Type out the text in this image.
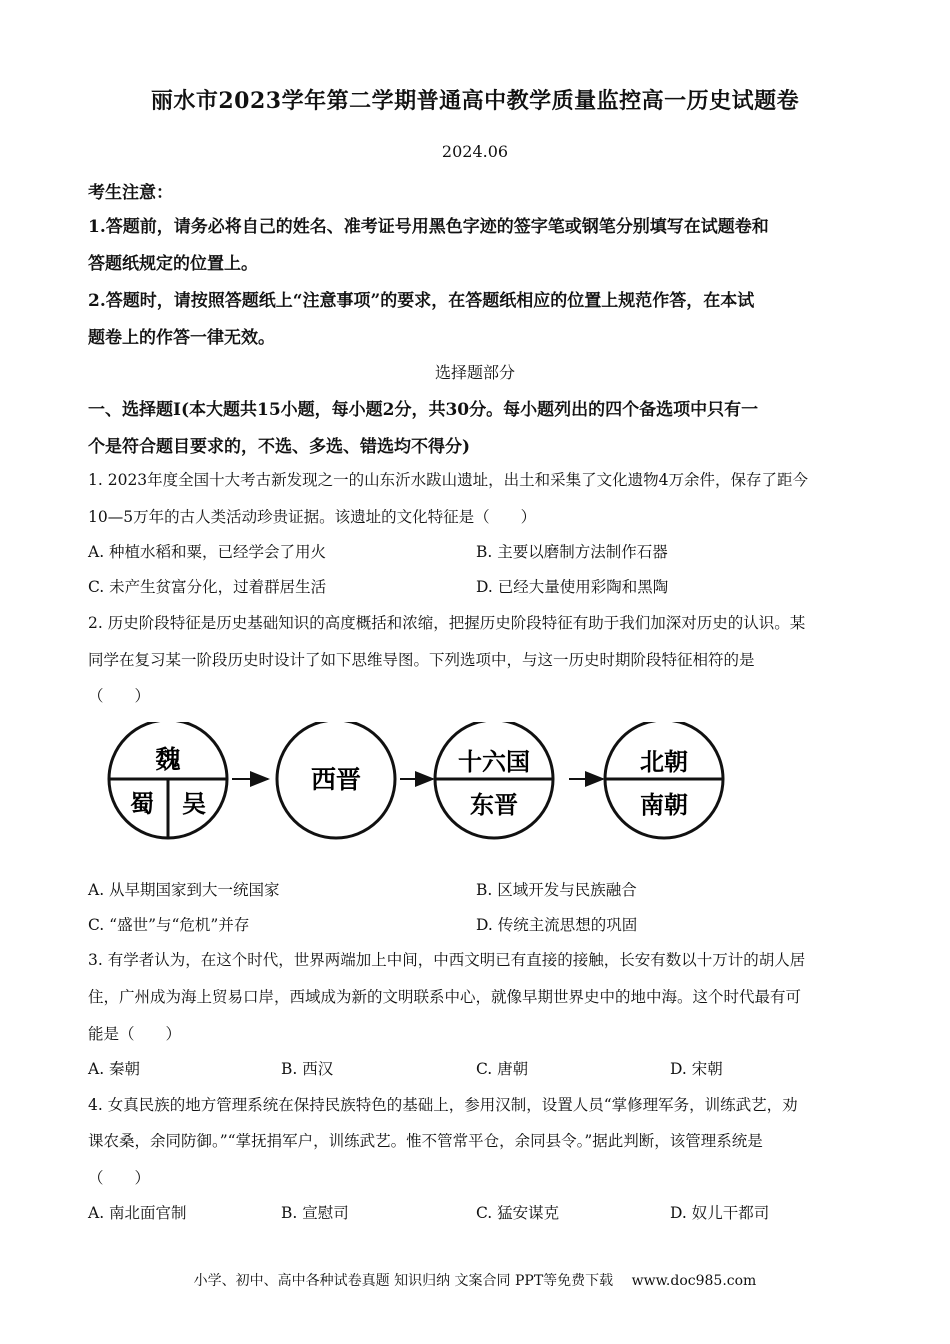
丽水市2023学年第二学期普通高中教学质量监控高一历史试题卷
2024.06
考生注意：
1.答题前，请务必将自己的姓名、准考证号用黑色字迹的签字笔或钢笔分别填写在试题卷和
答题纸规定的位置上。
2.答题时，请按照答题纸上“注意事项”的要求，在答题纸相应的位置上规范作答，在本试
题卷上的作答一律无效。
选择题部分
一、选择题Ⅰ(本大题共15小题，每小题2分，共30分。每小题列出的四个备选项中只有一
个是符合题目要求的，不选、多选、错选均不得分)
1. 2023年度全国十大考古新发现之一的山东沂水跋山遗址，出土和采集了文化遗物4万余件，保存了距今
10—5万年的古人类活动珍贵证据。该遗址的文化特征是（　　）
A. 种植水稻和粟，已经学会了用火	B. 主要以磨制方法制作石器
C. 未产生贫富分化，过着群居生活	D. 已经大量使用彩陶和黑陶
2. 历史阶段特征是历史基础知识的高度概括和浓缩，把握历史阶段特征有助于我们加深对历史的认识。某
同学在复习某一阶段历史时设计了如下思维导图。下列选项中，与这一历史时期阶段特征相符的是
（　　）
魏
蜀 吴
西晋
十六国
东晋
北朝
南朝
A. 从早期国家到大一统国家	B. 区域开发与民族融合
C. “盛世”与“危机”并存	D. 传统主流思想的巩固
3. 有学者认为，在这个时代，世界两端加上中间，中西文明已有直接的接触，长安有数以十万计的胡人居
住，广州成为海上贸易口岸，西域成为新的文明联系中心，就像早期世界史中的地中海。这个时代最有可
能是（　　）
A. 秦朝	B. 西汉	C. 唐朝	D. 宋朝
4. 女真民族的地方管理系统在保持民族特色的基础上，参用汉制，设置人员“掌修理军务，训练武艺，劝
课农桑，余同防御。”“掌抚捐军户，训练武艺。惟不管常平仓，余同县令。”据此判断，该管理系统是
（　　）
A. 南北面官制	B. 宣慰司	C. 猛安谋克	D. 奴儿干都司
小学、初中、高中各种试卷真题 知识归纳 文案合同 PPT等免费下载　 www.doc985.com
